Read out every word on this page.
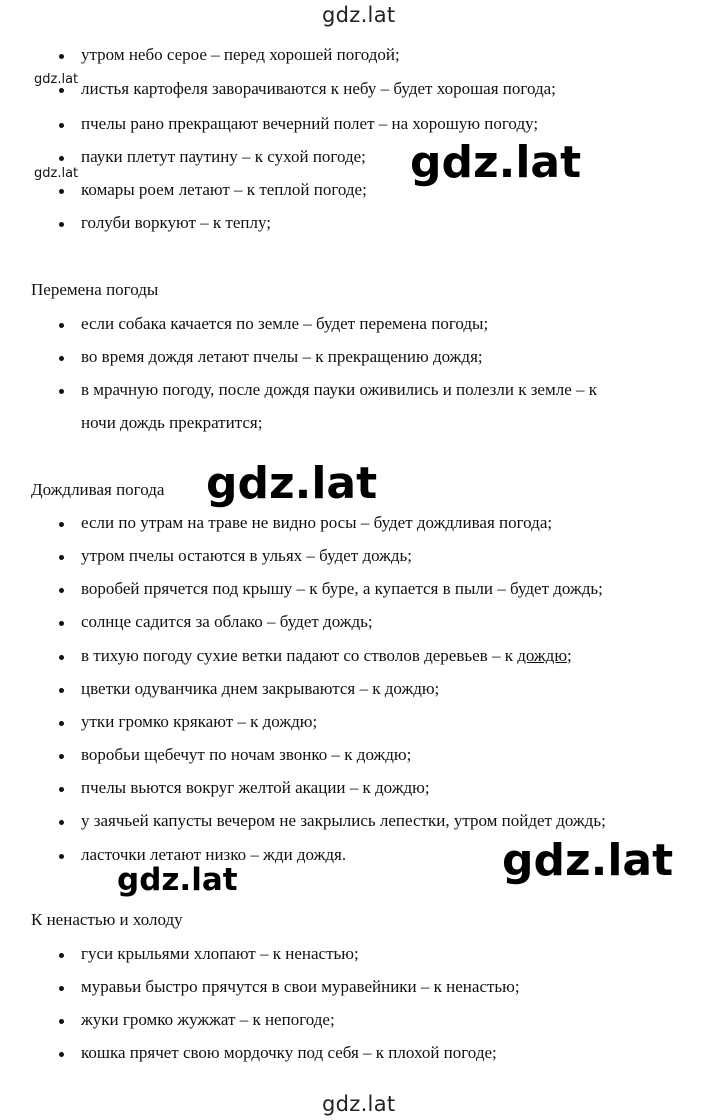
gdz.lat
утром небо серое – перед хорошей погодой;
листья картофеля заворачиваются к небу – будет хорошая погода;
пчелы рано прекращают вечерний полет – на хорошую погоду;
пауки плетут паутину – к сухой погоде;
комары роем летают – к теплой погоде;
голуби воркуют – к теплу;
Перемена погоды
если собака качается по земле – будет перемена погоды;
во время дождя летают пчелы – к прекращению дождя;
в мрачную погоду, после дождя пауки оживились и полезли к земле – к
ночи дождь прекратится;
Дождливая погода
если по утрам на траве не видно росы – будет дождливая погода;
утром пчелы остаются в ульях – будет дождь;
воробей прячется под крышу – к буре, а купается в пыли – будет дождь;
солнце садится за облако – будет дождь;
в тихую погоду сухие ветки падают со стволов деревьев – к дождю;
цветки одуванчика днем закрываются – к дождю;
утки громко крякают – к дождю;
воробьи щебечут по ночам звонко – к дождю;
пчелы вьются вокруг желтой акации – к дождю;
у заячьей капусты вечером не закрылись лепестки, утром пойдет дождь;
ласточки летают низко – жди дождя.
К ненастью и холоду
гуси крыльями хлопают – к ненастью;
муравьи быстро прячутся в свои муравейники – к ненастью;
жуки громко жужжат – к непогоде;
кошка прячет свою мордочку под себя – к плохой погоде;
gdz.lat
gdz.lat	gdz.lat
gdz.lat
gdz.lat
gdz.lat
gdz.lat
